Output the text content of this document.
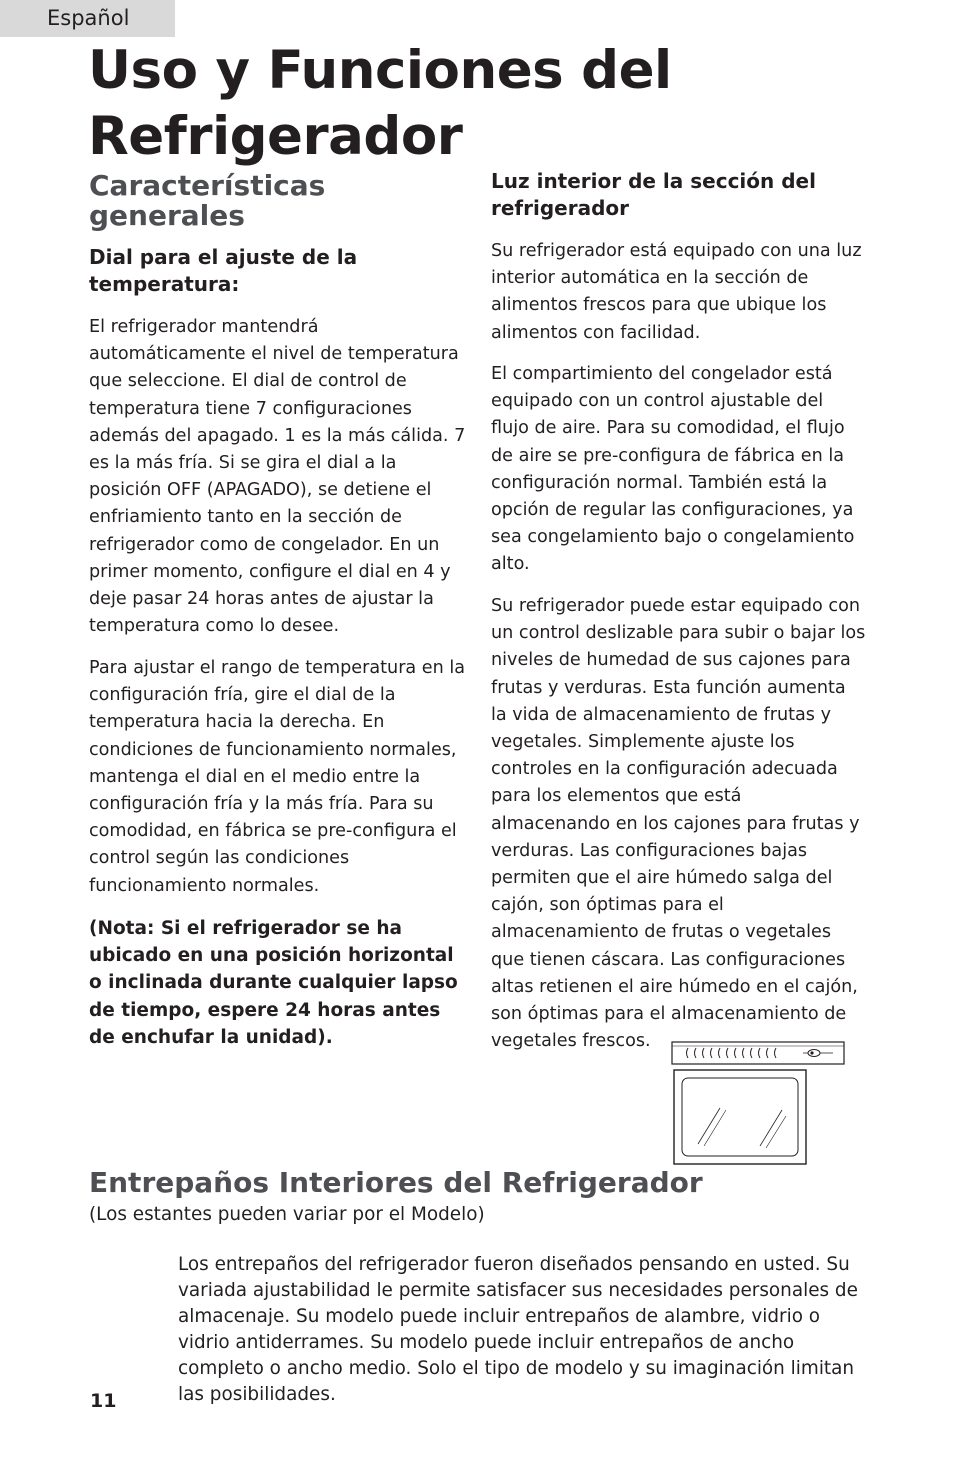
Español
Uso y Funciones del Refrigerador
Características generales
Dial para el ajuste de la temperatura:

El refrigerador mantendrá automáticamente el nivel de temperatura que seleccione. El dial de control de temperatura tiene 7 configuraciones además del apagado. 1 es la más cálida. 7 es la más fría. Si se gira el dial a la posición OFF (APAGADO), se detiene el enfriamiento tanto en la sección de refrigerador como de congelador. En un primer momento, configure el dial en 4 y deje pasar 24 horas antes de ajustar la temperatura como lo desee.

Para ajustar el rango de temperatura en la configuración fría, gire el dial de la temperatura hacia la derecha. En condiciones de funcionamiento normales, mantenga el dial en el medio entre la configuración fría y la más fría. Para su comodidad, en fábrica se pre-configura el control según las condiciones funcionamiento normales.

(Nota: Si el refrigerador se ha ubicado en una posición horizontal o inclinada durante cualquier lapso de tiempo, espere 24 horas antes de enchufar la unidad).

Luz interior de la sección del refrigerador

Su refrigerador está equipado con una luz interior automática en la sección de alimentos frescos para que ubique los alimentos con facilidad.

El compartimiento del congelador está equipado con un control ajustable del flujo de aire. Para su comodidad, el flujo de aire se pre-configura de fábrica en la configuración normal. También está la opción de regular las configuraciones, ya sea congelamiento bajo o congelamiento alto.

Su refrigerador puede estar equipado con un control deslizable para subir o bajar los niveles de humedad de sus cajones para frutas y verduras. Esta función aumenta la vida de almacenamiento de frutas y vegetales. Simplemente ajuste los controles en la configuración adecuada para los elementos que está almacenando en los cajones para frutas y verduras. Las configuraciones bajas permiten que el aire húmedo salga del cajón, son óptimas para el almacenamiento de frutas o vegetales que tienen cáscara. Las configuraciones altas retienen el aire húmedo en el cajón, son óptimas para el almacenamiento de vegetales frescos.

Entrepaños Interiores del Refrigerador

(Los estantes pueden variar por el Modelo)

Los entrepaños del refrigerador fueron diseñados pensando en usted. Su variada ajustabilidad le permite satisfacer sus necesidades personales de almacenaje. Su modelo puede incluir entrepaños de alambre, vidrio o vidrio antiderrames. Su modelo puede incluir entrepaños de ancho completo o ancho medio. Solo el tipo de modelo y su imaginación limitan las posibilidades.

11
